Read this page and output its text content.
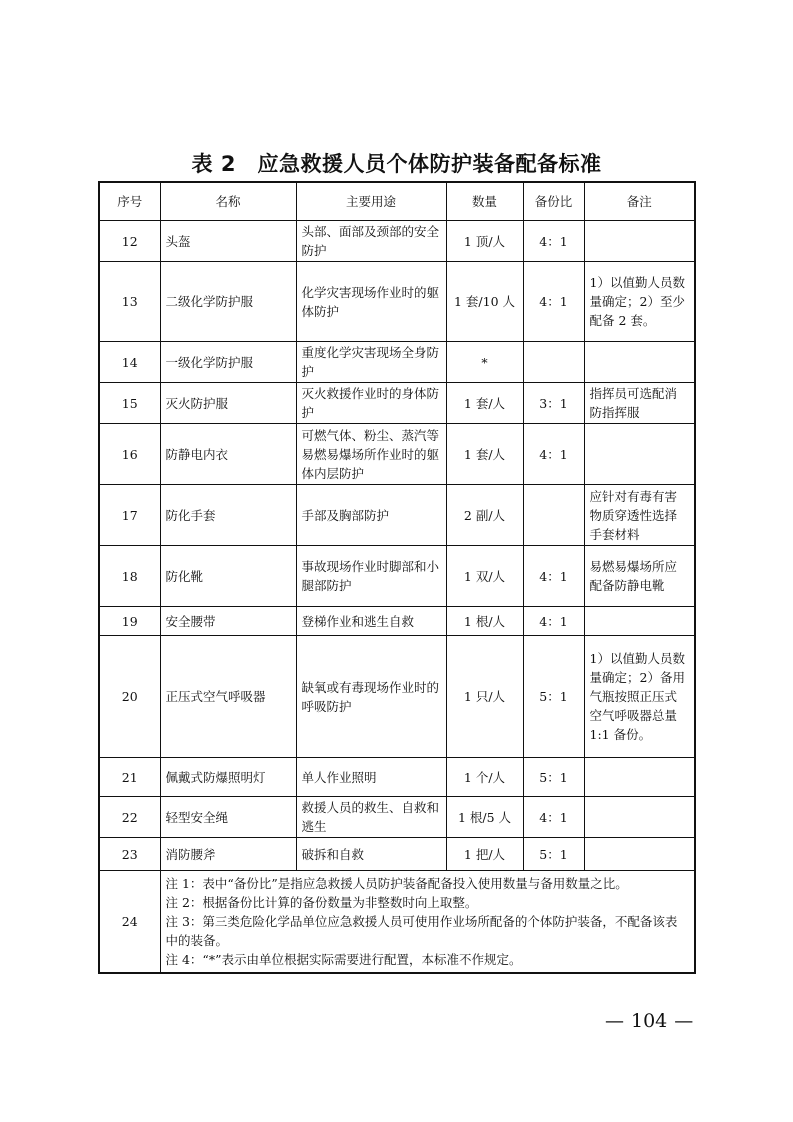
表 2　应急救援人员个体防护装备配备标准
序号	名称	主要用途	数量	备份比	备注
12	头盔	头部、面部及颈部的安全防护	1 顶/人	4：1	
13	二级化学防护服	化学灾害现场作业时的躯体防护	1 套/10 人	4：1	1）以值勤人员数量确定；2）至少配备 2 套。
14	一级化学防护服	重度化学灾害现场全身防护	*		
15	灭火防护服	灭火救援作业时的身体防护	1 套/人	3：1	指挥员可选配消防指挥服
16	防静电内衣	可燃气体、粉尘、蒸汽等易燃易爆场所作业时的躯体内层防护	1 套/人	4：1	
17	防化手套	手部及胸部防护	2 副/人		应针对有毒有害物质穿透性选择手套材料
18	防化靴	事故现场作业时脚部和小腿部防护	1 双/人	4：1	易燃易爆场所应配备防静电靴
19	安全腰带	登梯作业和逃生自救	1 根/人	4：1	
20	正压式空气呼吸器	缺氧或有毒现场作业时的呼吸防护	1 只/人	5：1	1）以值勤人员数量确定；2）备用气瓶按照正压式空气呼吸器总量 1:1 备份。
21	佩戴式防爆照明灯	单人作业照明	1 个/人	5：1	
22	轻型安全绳	救援人员的救生、自救和逃生	1 根/5 人	4：1	
23	消防腰斧	破拆和自救	1 把/人	5：1	
24	注 1：表中“备份比”是指应急救援人员防护装备配备投入使用数量与备用数量之比。
注 2：根据备份比计算的备份数量为非整数时向上取整。
注 3：第三类危险化学品单位应急救援人员可使用作业场所配备的个体防护装备，不配备该表中的装备。
注 4：“*”表示由单位根据实际需要进行配置，本标准不作规定。				
— 104 —
